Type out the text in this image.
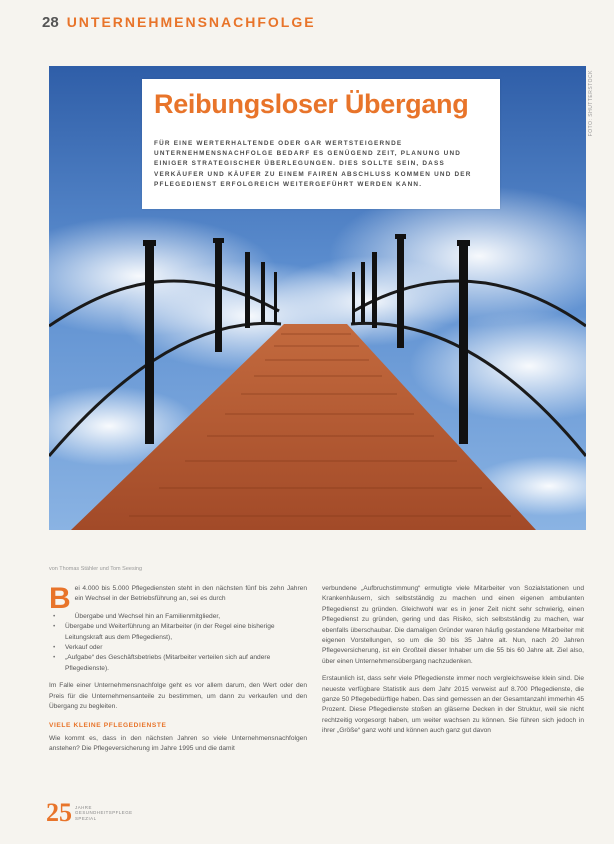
28 UNTERNEHMENSNACHFOLGE
FOTO: SHUTTERSTOCK
Reibungsloser Übergang
FÜR EINE WERTERHALTENDE ODER GAR WERTSTEIGERNDE UNTERNEHMENSNACHFOLGE BEDARF ES GENÜGEND ZEIT, PLANUNG UND EINIGER STRATEGISCHER ÜBERLEGUNGEN. DIES SOLLTE SEIN, DASS VERKÄUFER UND KÄUFER ZU EINEM FAIREN ABSCHLUSS KOMMEN UND DER PFLEGEDIENST ERFOLGREICH WEITERGEFÜHRT WERDEN KANN.
von Thomas Stähler und Tom Seesing

Bei 4.000 bis 5.000 Pflegediensten steht in den nächsten fünf bis zehn Jahren ein Wechsel in der Betriebsführung an, sei es durch

• Übergabe und Wechsel hin an Familienmitglieder,
• Übergabe und Weiterführung an Mitarbeiter (in der Regel eine bisherige Leitungskraft aus dem Pflegedienst),
• Verkauf oder
• „Aufgabe“ des Geschäftsbetriebs (Mitarbeiter verteilen sich auf andere Pflegedienste).

Im Falle einer Unternehmensnachfolge geht es vor allem darum, den Wert oder den Preis für die Unternehmensanteile zu bestimmen, um dann zu verkaufen und den Übergang zu begleiten.

VIELE KLEINE PFLEGEDIENSTE

Wie kommt es, dass in den nächsten Jahren so viele Unternehmensnachfolgen anstehen? Die Pflegeversicherung im Jahre 1995 und die damit

verbundene „Aufbruchstimmung“ ermutigte viele Mitarbeiter von Sozialstationen und Krankenhäusern, sich selbstständig zu machen und einen eigenen ambulanten Pflegedienst zu gründen. Gleichwohl war es in jener Zeit nicht sehr schwierig, einen Pflegedienst zu gründen, gering und das Risiko, sich selbstständig zu machen, war ebenfalls überschaubar. Die damaligen Gründer waren häufig gestandene Mitarbeiter mit eigenen Vorstellungen, so um die 30 bis 35 Jahre alt. Nun, nach 20 Jahren Pflegeversicherung, ist ein Großteil dieser Inhaber um die 55 bis 60 Jahre alt. Ziel also, über einen Unternehmensübergang nachzudenken.

Erstaunlich ist, dass sehr viele Pflegedienste immer noch vergleichsweise klein sind. Die neueste verfügbare Statistik aus dem Jahr 2015 verweist auf 8.700 Pflegedienste, die ganze 50 Pflegebedürftige haben. Das sind gemessen an der Gesamtanzahl immerhin 45 Prozent. Diese Pflegedienste stoßen an gläserne Decken in der Struktur, weil sie nicht rechtzeitig vorgesorgt haben, um weiter wachsen zu können. Sie führen sich jedoch in ihrer „Größe“ ganz wohl und können auch ganz gut davon

25 JAHRE
GESUNDHEITSPFLEGE
SPEZIAL
